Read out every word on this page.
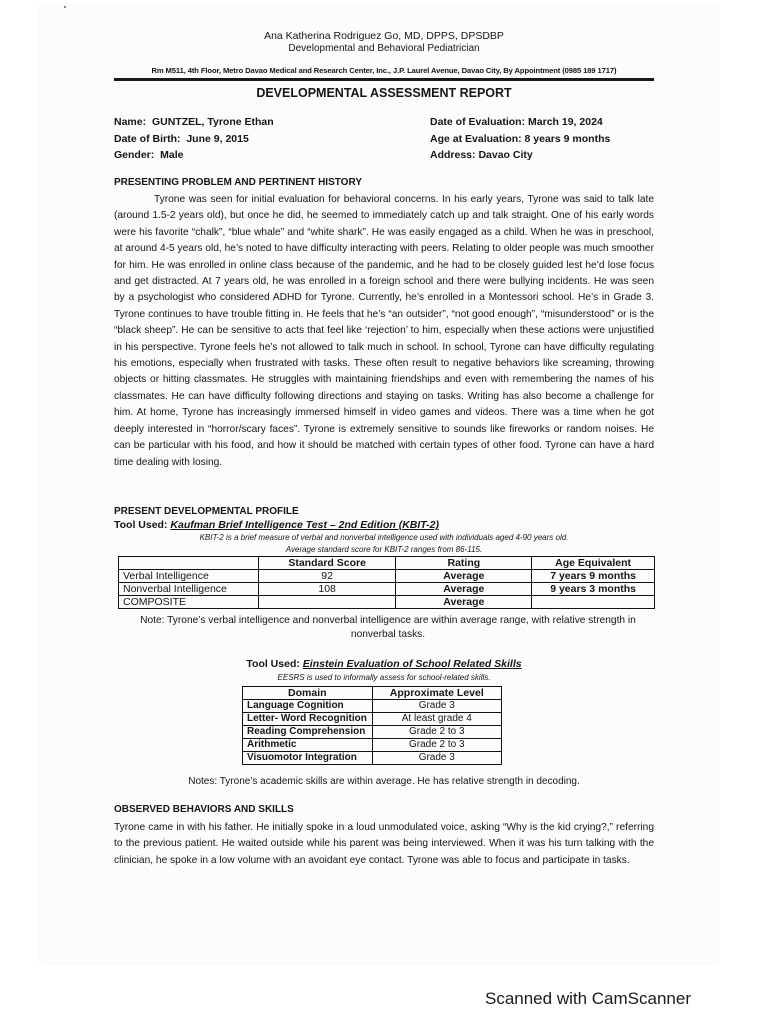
Ana Katherina Rodriguez Go, MD, DPPS, DPSDBP
Developmental and Behavioral Pediatrician
Rm M511, 4th Floor, Metro Davao Medical and Research Center, Inc., J.P. Laurel Avenue, Davao City, By Appointment (0985 189 1717)
DEVELOPMENTAL ASSESSMENT REPORT
Name: GUNTZEL, Tyrone Ethan
Date of Birth: June 9, 2015
Gender: Male
Date of Evaluation: March 19, 2024
Age at Evaluation: 8 years 9 months
Address: Davao City
PRESENTING PROBLEM AND PERTINENT HISTORY

Tyrone was seen for initial evaluation for behavioral concerns. In his early years, Tyrone was said to talk late (around 1.5-2 years old), but once he did, he seemed to immediately catch up and talk straight. One of his early words were his favorite “chalk”, “blue whale” and “white shark”. He was easily engaged as a child. When he was in preschool, at around 4-5 years old, he’s noted to have difficulty interacting with peers. Relating to older people was much smoother for him. He was enrolled in online class because of the pandemic, and he had to be closely guided lest he’d lose focus and get distracted. At 7 years old, he was enrolled in a foreign school and there were bullying incidents. He was seen by a psychologist who considered ADHD for Tyrone. Currently, he’s enrolled in a Montessori school. He’s in Grade 3. Tyrone continues to have trouble fitting in. He feels that he’s “an outsider”, “not good enough”, “misunderstood” or is the “black sheep”. He can be sensitive to acts that feel like ‘rejection’ to him, especially when these actions were unjustified in his perspective. Tyrone feels he’s not allowed to talk much in school. In school, Tyrone can have difficulty regulating his emotions, especially when frustrated with tasks. These often result to negative behaviors like screaming, throwing objects or hitting classmates. He struggles with maintaining friendships and even with remembering the names of his classmates. He can have difficulty following directions and staying on tasks. Writing has also become a challenge for him. At home, Tyrone has increasingly immersed himself in video games and videos. There was a time when he got deeply interested in “horror/scary faces”. Tyrone is extremely sensitive to sounds like fireworks or random noises. He can be particular with his food, and how it should be matched with certain types of other food. Tyrone can have a hard time dealing with losing.

PRESENT DEVELOPMENTAL PROFILE
Tool Used: Kaufman Brief Intelligence Test – 2nd Edition (KBIT-2)
KBIT-2 is a brief measure of verbal and nonverbal intelligence used with individuals aged 4-90 years old.
Average standard score for KBIT-2 ranges from 86-115.
	Standard Score	Rating	Age Equivalent
Verbal Intelligence	92	Average	7 years 9 months
Nonverbal Intelligence	108	Average	9 years 3 months
COMPOSITE		Average	

Note: Tyrone’s verbal intelligence and nonverbal intelligence are within average range, with relative strength in nonverbal tasks.

Tool Used: Einstein Evaluation of School Related Skills
EESRS is used to informally assess for school-related skills.
Domain	Approximate Level
Language Cognition	Grade 3
Letter- Word Recognition	At least grade 4
Reading Comprehension	Grade 2 to 3
Arithmetic	Grade 2 to 3
Visuomotor Integration	Grade 3
Notes: Tyrone’s academic skills are within average. He has relative strength in decoding.
OBSERVED BEHAVIORS AND SKILLS

Tyrone came in with his father. He initially spoke in a loud unmodulated voice, asking “Why is the kid crying?,” referring to the previous patient. He waited outside while his parent was being interviewed. When it was his turn talking with the clinician, he spoke in a low volume with an avoidant eye contact. Tyrone was able to focus and participate in tasks.

Scanned with CamScanner
